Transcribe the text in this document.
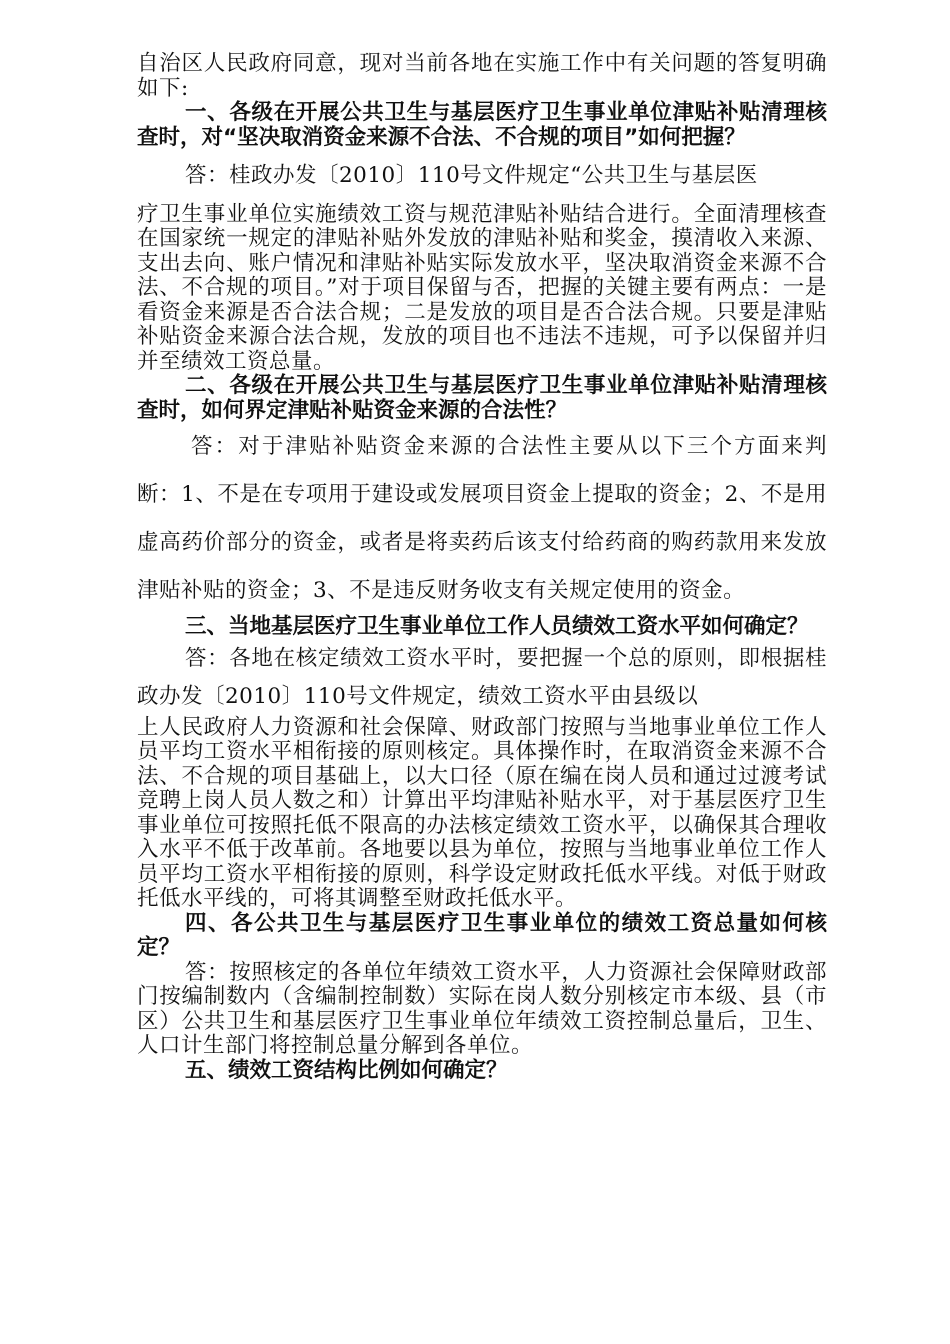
自治区人民政府同意，现对当前各地在实施工作中有关问题的答复明确如下:

一、各级在开展公共卫生与基层医疗卫生事业单位津贴补贴清理核查时，对“坚决取消资金来源不合法、不合规的项目”如何把握？

答：桂政办发〔2010〕110号文件规定“公共卫生与基层医

疗卫生事业单位实施绩效工资与规范津贴补贴结合进行。全面清理核查在国家统一规定的津贴补贴外发放的津贴补贴和奖金，摸清收入来源、支出去向、账户情况和津贴补贴实际发放水平，坚决取消资金来源不合法、不合规的项目。”对于项目保留与否，把握的关键主要有两点：一是看资金来源是否合法合规；二是发放的项目是否合法合规。只要是津贴补贴资金来源合法合规，发放的项目也不违法不违规，可予以保留并归并至绩效工资总量。

二、各级在开展公共卫生与基层医疗卫生事业单位津贴补贴清理核查时，如何界定津贴补贴资金来源的合法性？

答：对于津贴补贴资金来源的合法性主要从以下三个方面来判断：1、不是在专项用于建设或发展项目资金上提取的资金；2、不是用虚高药价部分的资金，或者是将卖药后该支付给药商的购药款用来发放津贴补贴的资金；3、不是违反财务收支有关规定使用的资金。

三、当地基层医疗卫生事业单位工作人员绩效工资水平如何确定？

答：各地在核定绩效工资水平时，要把握一个总的原则，即根据桂政办发〔2010〕110号文件规定，绩效工资水平由县级以

上人民政府人力资源和社会保障、财政部门按照与当地事业单位工作人员平均工资水平相衔接的原则核定。具体操作时，在取消资金来源不合法、不合规的项目基础上，以大口径（原在编在岗人员和通过过渡考试竞聘上岗人员人数之和）计算出平均津贴补贴水平，对于基层医疗卫生事业单位可按照托低不限高的办法核定绩效工资水平，以确保其合理收入水平不低于改革前。各地要以县为单位，按照与当地事业单位工作人员平均工资水平相衔接的原则，科学设定财政托低水平线。对低于财政托低水平线的，可将其调整至财政托低水平。

四、各公共卫生与基层医疗卫生事业单位的绩效工资总量如何核定？

答：按照核定的各单位年绩效工资水平，人力资源社会保障财政部门按编制数内（含编制控制数）实际在岗人数分别核定市本级、县（市区）公共卫生和基层医疗卫生事业单位年绩效工资控制总量后，卫生、人口计生部门将控制总量分解到各单位。

五、绩效工资结构比例如何确定？
